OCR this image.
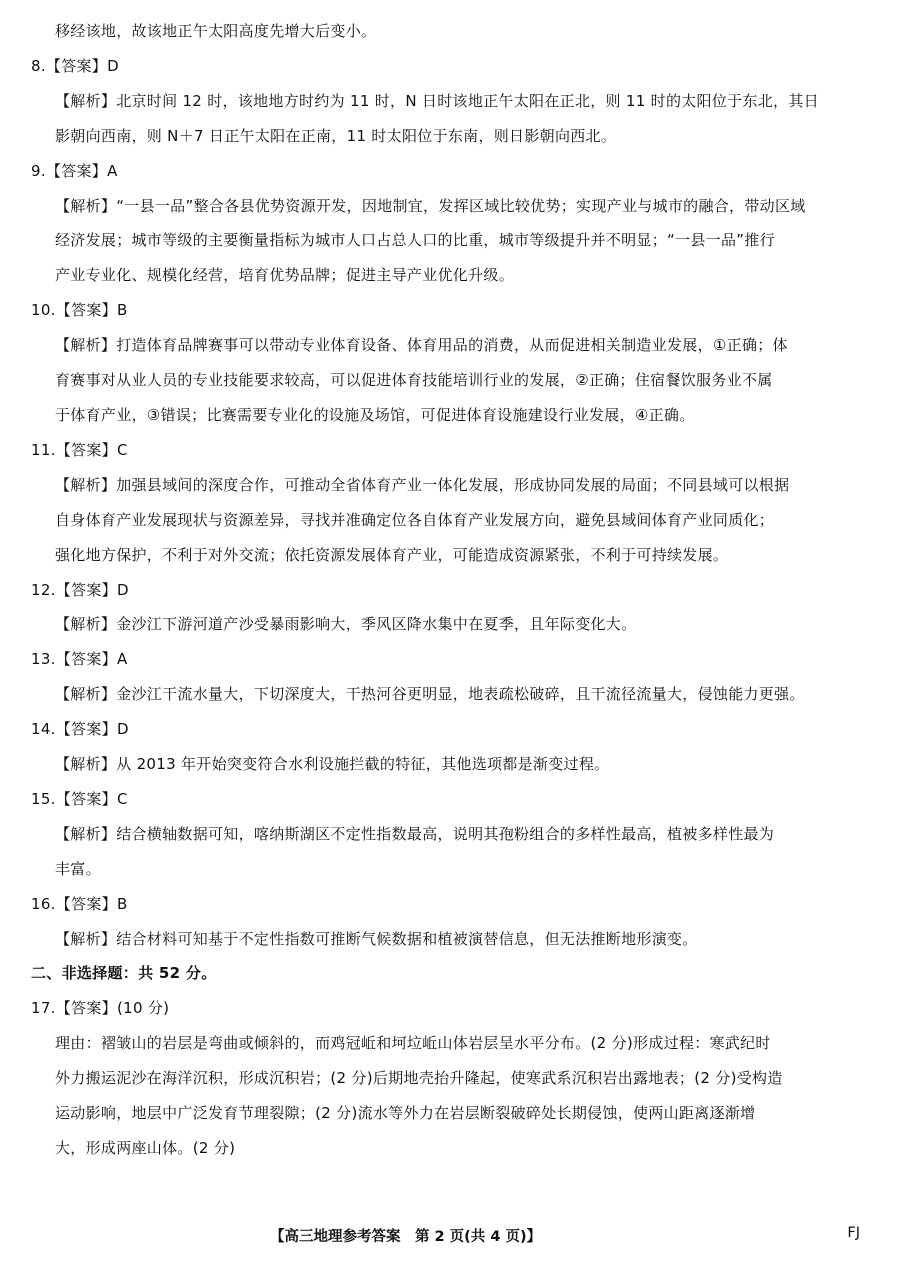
移经该地，故该地正午太阳高度先增大后变小。
8.【答案】D
【解析】北京时间 12 时，该地地方时约为 11 时，N 日时该地正午太阳在正北，则 11 时的太阳位于东北，其日
影朝向西南，则 N＋7 日正午太阳在正南，11 时太阳位于东南，则日影朝向西北。
9.【答案】A
【解析】“一县一品”整合各县优势资源开发，因地制宜，发挥区域比较优势；实现产业与城市的融合，带动区域
经济发展；城市等级的主要衡量指标为城市人口占总人口的比重，城市等级提升并不明显；“一县一品”推行
产业专业化、规模化经营，培育优势品牌；促进主导产业优化升级。
10.【答案】B
【解析】打造体育品牌赛事可以带动专业体育设备、体育用品的消费，从而促进相关制造业发展，①正确；体
育赛事对从业人员的专业技能要求较高，可以促进体育技能培训行业的发展，②正确；住宿餐饮服务业不属
于体育产业，③错误；比赛需要专业化的设施及场馆，可促进体育设施建设行业发展，④正确。
11.【答案】C
【解析】加强县域间的深度合作，可推动全省体育产业一体化发展，形成协同发展的局面；不同县域可以根据
自身体育产业发展现状与资源差异，寻找并准确定位各自体育产业发展方向，避免县域间体育产业同质化；
强化地方保护，不利于对外交流；依托资源发展体育产业，可能造成资源紧张，不利于可持续发展。
12.【答案】D
【解析】金沙江下游河道产沙受暴雨影响大，季风区降水集中在夏季，且年际变化大。
13.【答案】A
【解析】金沙江干流水量大，下切深度大，干热河谷更明显，地表疏松破碎，且干流径流量大，侵蚀能力更强。
14.【答案】D
【解析】从 2013 年开始突变符合水利设施拦截的特征，其他选项都是渐变过程。
15.【答案】C
【解析】结合横轴数据可知，喀纳斯湖区不定性指数最高，说明其孢粉组合的多样性最高，植被多样性最为
丰富。
16.【答案】B
【解析】结合材料可知基于不定性指数可推断气候数据和植被演替信息，但无法推断地形演变。
二、非选择题：共 52 分。
17.【答案】(10 分)
理由：褶皱山的岩层是弯曲或倾斜的，而鸡冠岴和坷垃岴山体岩层呈水平分布。(2 分)形成过程：寒武纪时
外力搬运泥沙在海洋沉积，形成沉积岩；(2 分)后期地壳抬升隆起，使寒武系沉积岩出露地表；(2 分)受构造
运动影响，地层中广泛发育节理裂隙；(2 分)流水等外力在岩层断裂破碎处长期侵蚀，使两山距离逐渐增
大，形成两座山体。(2 分)
【高三地理参考答案　第 2 页(共 4 页)】	FJ
